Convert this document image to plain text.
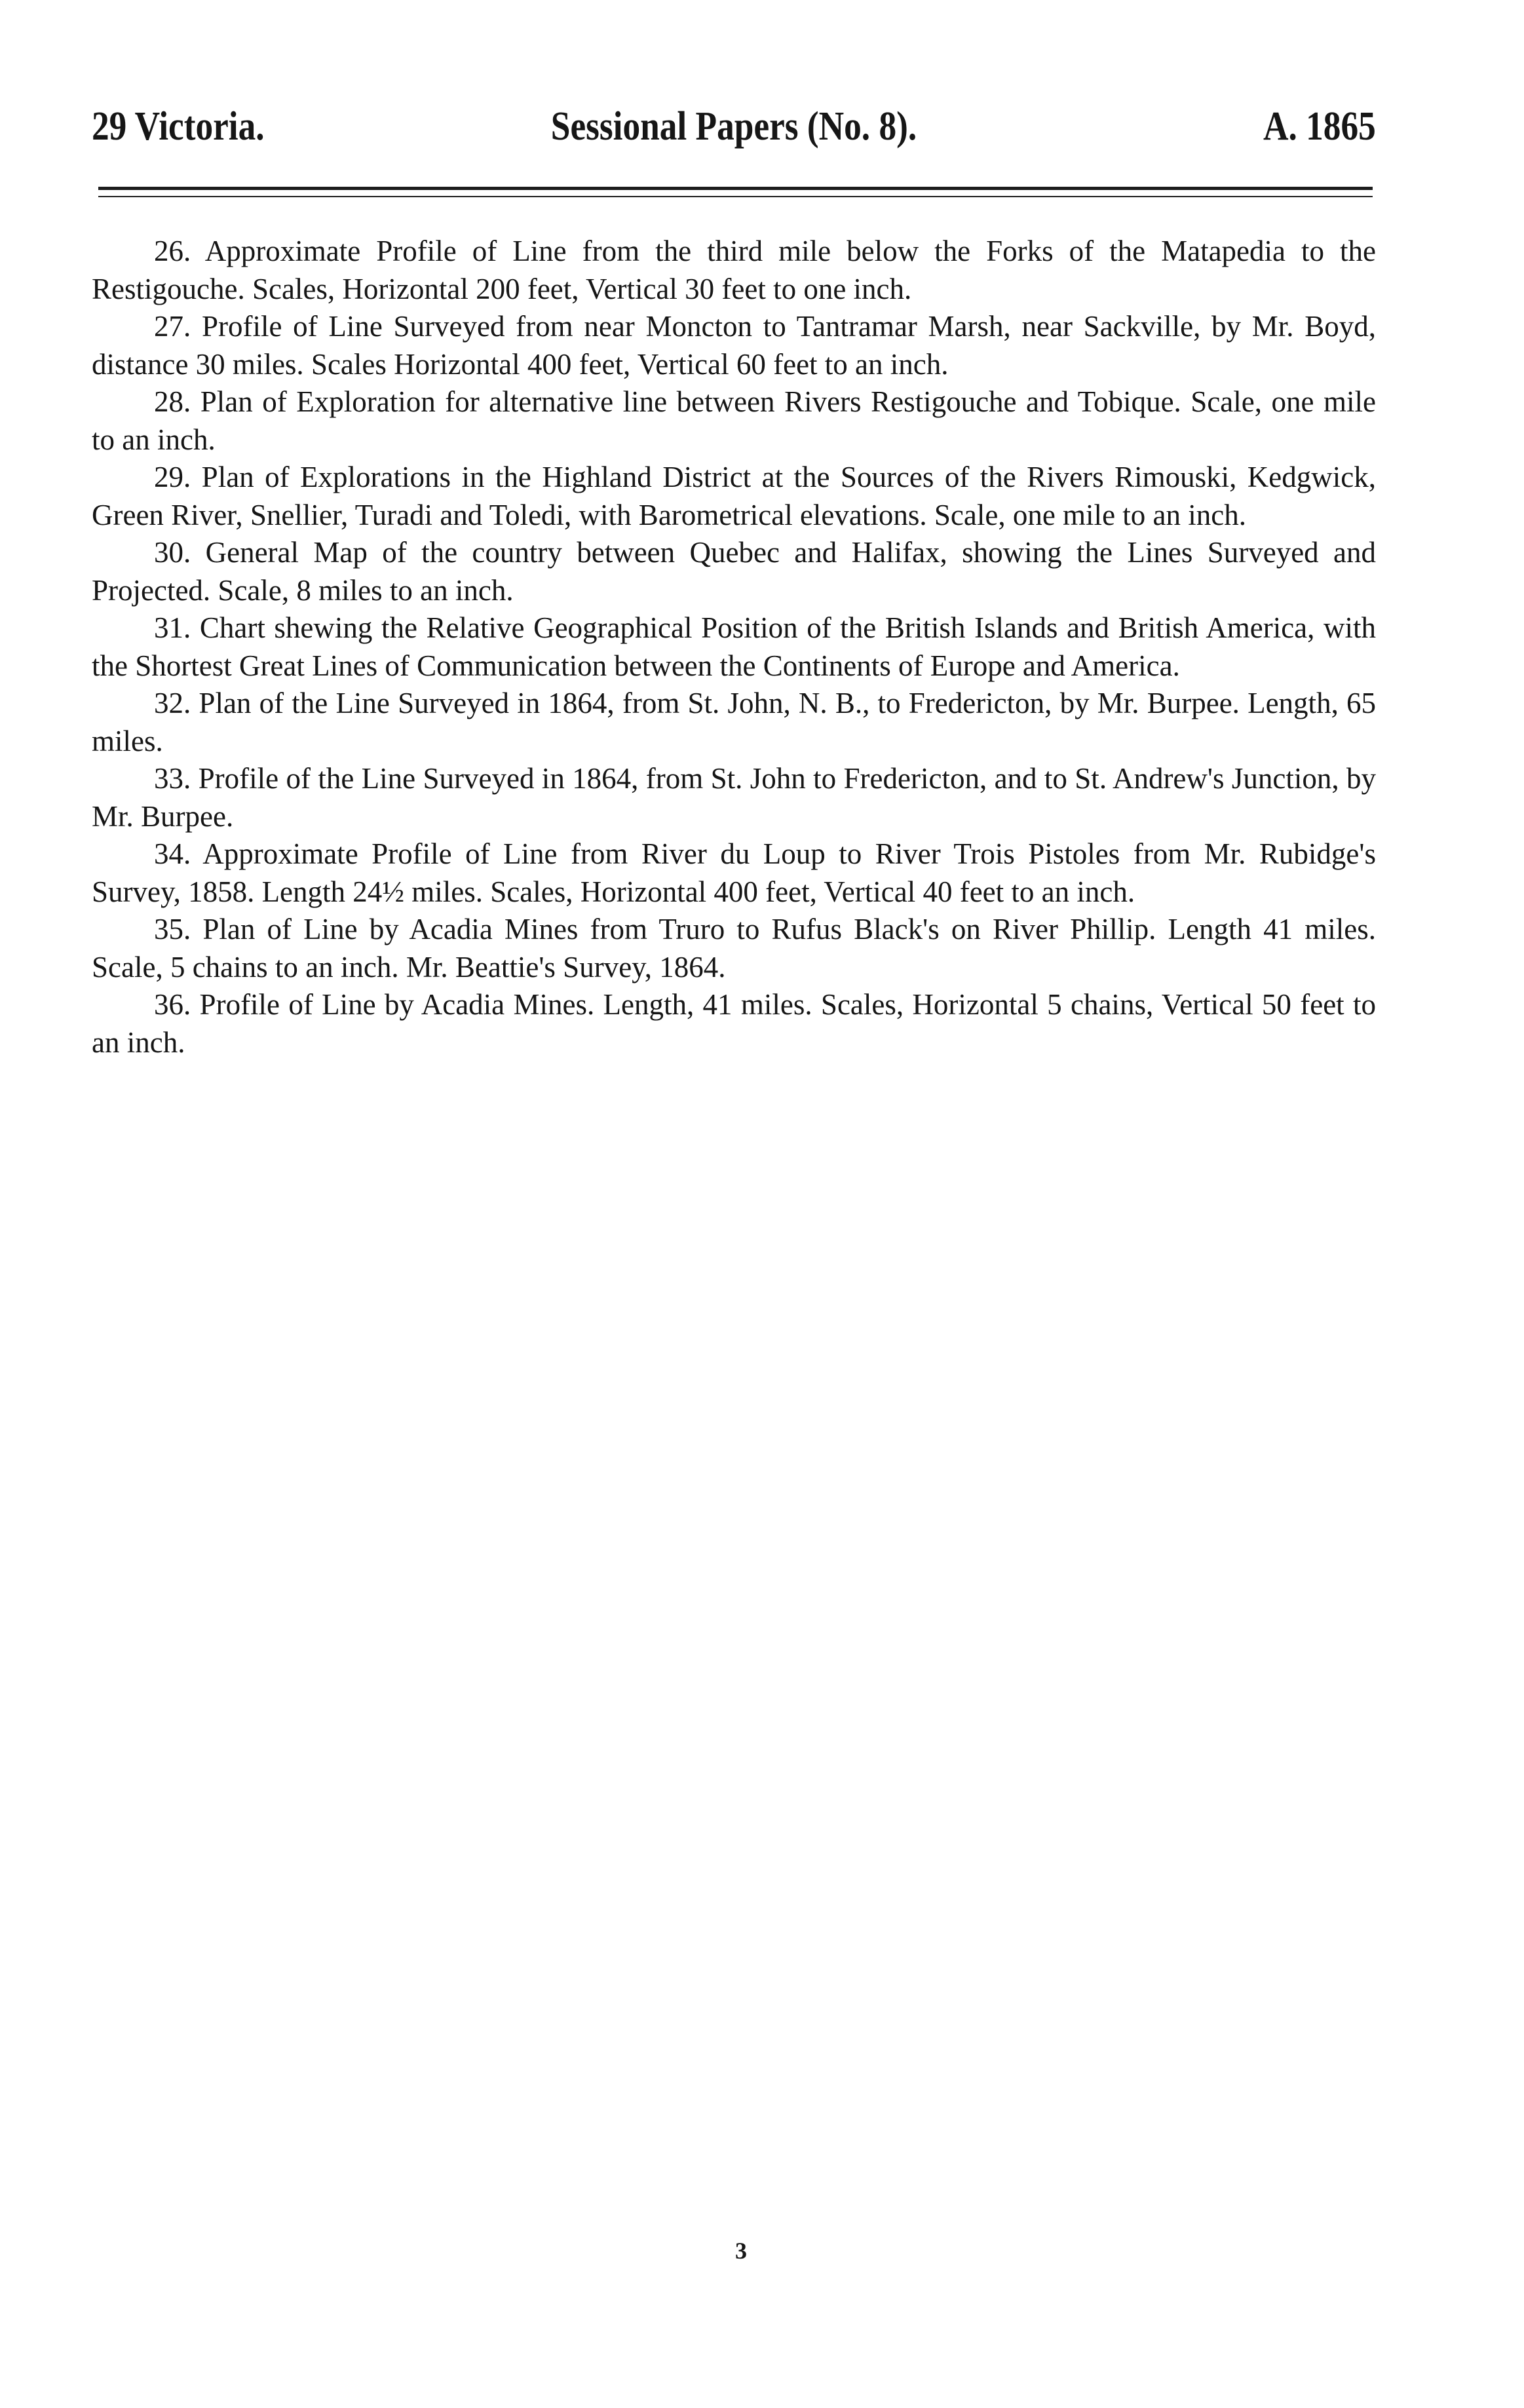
29 Victoria.	Sessional Papers (No. 8).	A. 1865

26. Approximate Profile of Line from the third mile below the Forks of the Matapedia to the Restigouche. Scales, Horizontal 200 feet, Vertical 30 feet to one inch.

27. Profile of Line Surveyed from near Moncton to Tantramar Marsh, near Sackville, by Mr. Boyd, distance 30 miles. Scales Horizontal 400 feet, Vertical 60 feet to an inch.

28. Plan of Exploration for alternative line between Rivers Restigouche and Tobique. Scale, one mile to an inch.

29. Plan of Explorations in the Highland District at the Sources of the Rivers Rimouski, Kedgwick, Green River, Snellier, Turadi and Toledi, with Barometrical elevations. Scale, one mile to an inch.

30. General Map of the country between Quebec and Halifax, showing the Lines Surveyed and Projected. Scale, 8 miles to an inch.

31. Chart shewing the Relative Geographical Position of the British Islands and British America, with the Shortest Great Lines of Communication between the Continents of Europe and America.

32. Plan of the Line Surveyed in 1864, from St. John, N. B., to Fredericton, by Mr. Burpee. Length, 65 miles.

33. Profile of the Line Surveyed in 1864, from St. John to Fredericton, and to St. Andrew's Junction, by Mr. Burpee.

34. Approximate Profile of Line from River du Loup to River Trois Pistoles from Mr. Rubidge's Survey, 1858. Length 24½ miles. Scales, Horizontal 400 feet, Vertical 40 feet to an inch.

35. Plan of Line by Acadia Mines from Truro to Rufus Black's on River Phillip. Length 41 miles. Scale, 5 chains to an inch. Mr. Beattie's Survey, 1864.

36. Profile of Line by Acadia Mines. Length, 41 miles. Scales, Horizontal 5 chains, Vertical 50 feet to an inch.

3
